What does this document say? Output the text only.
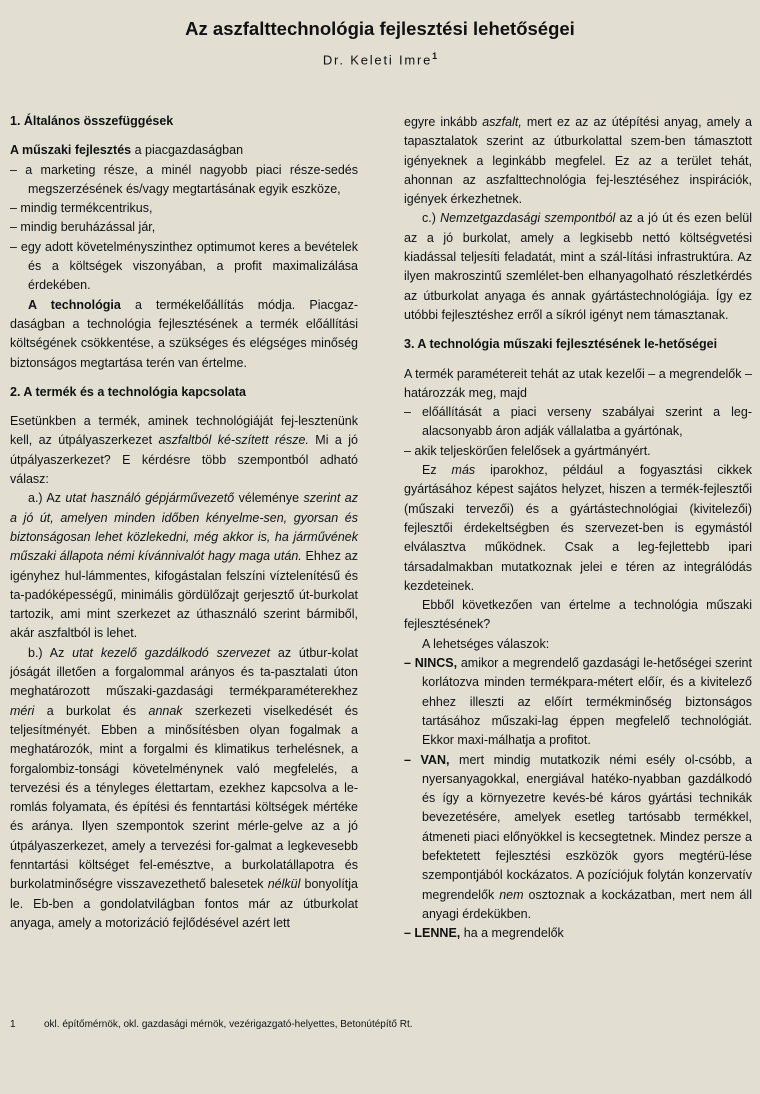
Az aszfalttechnológia fejlesztési lehetőségei
Dr. Keleti Imre$^1$
1. Általános összefüggések

A műszaki fejlesztés a piacgazdaságban

– a marketing része, a minél nagyobb piaci része-sedés megszerzésének és/vagy megtartásának egyik eszköze,

– mindig termékcentrikus,

– mindig beruházással jár,

– egy adott követelményszinthez optimumot keres a bevételek és a költségek viszonyában, a profit maximalizálása érdekében.

A technológia a termékelőállítás módja. Piacgaz-daságban a technológia fejlesztésének a termék előállítási költségének csökkentése, a szükséges és elégséges minőség biztonságos megtartása terén van értelme.

2. A termék és a technológia kapcsolata

Esetünkben a termék, aminek technológiáját fej-lesztenünk kell, az útpályaszerkezet aszfaltból ké-szített része. Mi a jó útpályaszerkezet? E kérdésre több szempontból adható válasz:

a.) Az utat használó gépjárművezető véleménye szerint az a jó út, amelyen minden időben kényelme-sen, gyorsan és biztonságosan lehet közlekedni, még akkor is, ha járművének műszaki állapota némi kívánnivalót hagy maga után. Ehhez az igényhez hul-lámmentes, kifogástalan felszíni víztelenítésű és ta-padóképességű, minimális gördülőzajt gerjesztő út-burkolat tartozik, ami mint szerkezet az úthasználó szerint bármiből, akár aszfaltból is lehet.

b.) Az utat kezelő gazdálkodó szervezet az útbur-kolat jóságát illetően a forgalommal arányos és ta-pasztalati úton meghatározott műszaki-gazdasági termékparaméterekhez méri a burkolat és annak szerkezeti viselkedését és teljesítményét. Ebben a minősítésben olyan fogalmak a meghatározók, mint a forgalmi és klimatikus terhelésnek, a forgalombiz-tonsági követelménynek való megfelelés, a tervezési és a tényleges élettartam, ezekhez kapcsolva a le-romlás folyamata, és építési és fenntartási költségek mértéke és aránya. Ilyen szempontok szerint mérle-gelve az a jó útpályaszerkezet, amely a tervezési for-galmat a legkevesebb fenntartási költséget fel-emésztve, a burkolatállapotra és burkolatminőségre visszavezethető balesetek nélkül bonyolítja le. Eb-ben a gondolatvilágban fontos már az útburkolat anyaga, amely a motorizáció fejlődésével azért lett

egyre inkább aszfalt, mert ez az az útépítési anyag, amely a tapasztalatok szerint az útburkolattal szem-ben támasztott igényeknek a leginkább megfelel. Ez az a terület tehát, ahonnan az aszfalttechnológia fej-lesztéséhez inspirációk, igények érkezhetnek.

c.) Nemzetgazdasági szempontból az a jó út és ezen belül az a jó burkolat, amely a legkisebb nettó költségvetési kiadással teljesíti feladatát, mint a szál-lítási infrastruktúra. Az ilyen makroszintű szemlélet-ben elhanyagolható részletkérdés az útburkolat anyaga és annak gyártástechnológiája. Így ez utóbbi fejlesztéshez erről a síkról igényt nem támasztanak.

3. A technológia műszaki fejlesztésének le-hetőségei

A termék paramétereit tehát az utak kezelői – a megrendelők – határozzák meg, majd

– előállítását a piaci verseny szabályai szerint a leg-alacsonyabb áron adják vállalatba a gyártónak,

– akik teljeskörűen felelősek a gyártmányért.

Ez más iparokhoz, például a fogyasztási cikkek gyártásához képest sajátos helyzet, hiszen a termék-fejlesztői (műszaki tervezői) és a gyártástechnológiai (kivitelezői) fejlesztői érdekeltségben és szervezet-ben is egymástól elválasztva működnek. Csak a leg-fejlettebb ipari társadalmakban mutatkoznak jelei e téren az integrálódás kezdeteinek.

Ebből következően van értelme a technológia műszaki fejlesztésének?

A lehetséges válaszok:

– NINCS, amikor a megrendelő gazdasági le-hetőségei szerint korlátozva minden termékpara-métert előír, és a kivitelező ehhez illeszti az előírt termékminőség biztonságos tartásához műszaki-lag éppen megfelelő technológiát. Ekkor maxi-málhatja a profitot.

– VAN, mert mindig mutatkozik némi esély ol-csóbb, a nyersanyagokkal, energiával hatéko-nyabban gazdálkodó és így a környezetre kevés-bé káros gyártási technikák bevezetésére, amelyek esetleg tartósabb termékkel, átmeneti piaci előnyökkel is kecsegtetnek. Mindez persze a befektetett fejlesztési eszközök gyors megtérü-lése szempontjából kockázatos. A pozíciójuk folytán konzervatív megrendelők nem osztoznak a kockázatban, mert nem áll anyagi érdekükben.

– LENNE, ha a megrendelők

1	okl. építőmérnök, okl. gazdasági mérnök, vezérigazgató-helyettes, Betonútépítő Rt.
